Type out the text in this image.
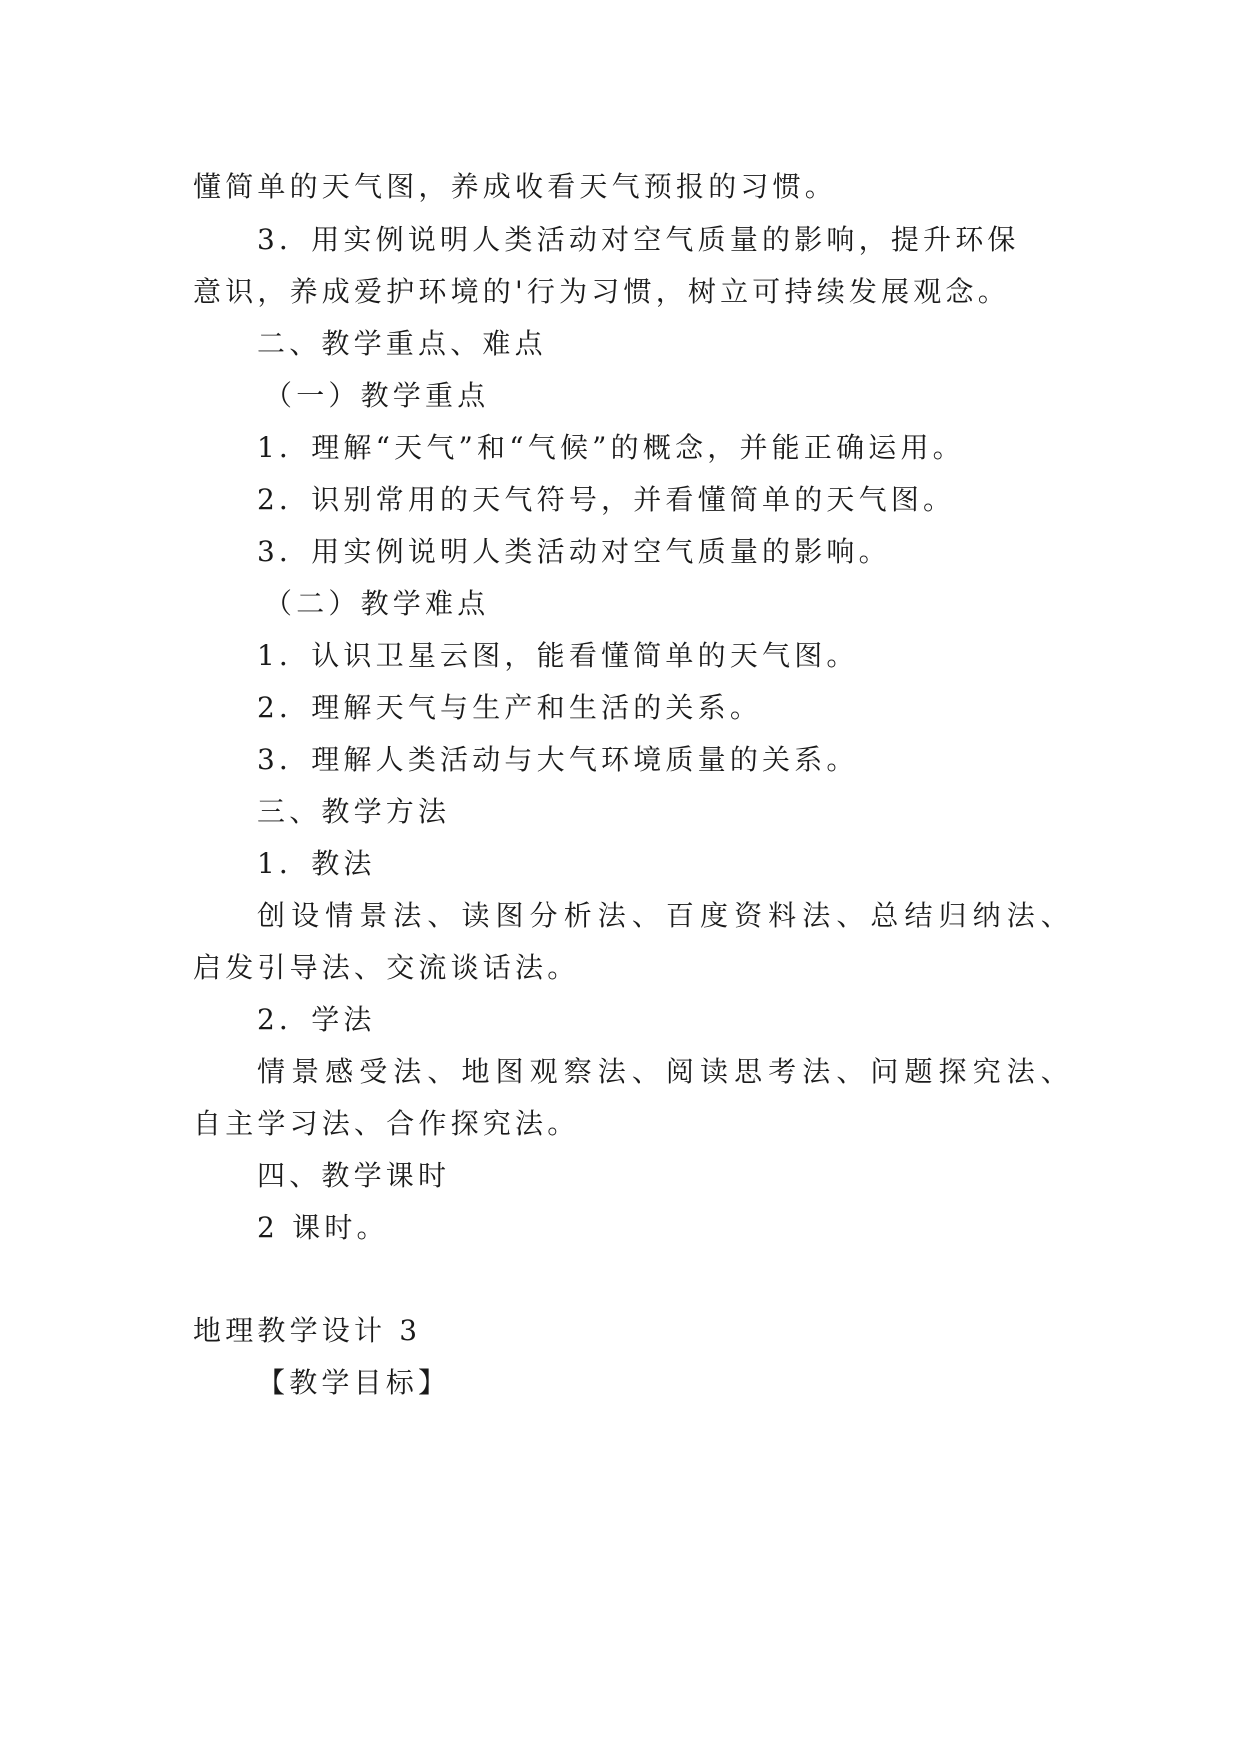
懂简单的天气图，养成收看天气预报的习惯。
3．用实例说明人类活动对空气质量的影响，提升环保
意识，养成爱护环境的'行为习惯，树立可持续发展观念。
二、教学重点、难点
（一）教学重点
1．理解“天气”和“气候”的概念，并能正确运用。
2．识别常用的天气符号，并看懂简单的天气图。
3．用实例说明人类活动对空气质量的影响。
（二）教学难点
1．认识卫星云图，能看懂简单的天气图。
2．理解天气与生产和生活的关系。
3．理解人类活动与大气环境质量的关系。
三、教学方法
1．教法
创设情景法、读图分析法、百度资料法、总结归纳法、
启发引导法、交流谈话法。
2．学法
情景感受法、地图观察法、阅读思考法、问题探究法、
自主学习法、合作探究法。
四、教学课时
2 课时。
地理教学设计 3
【教学目标】
